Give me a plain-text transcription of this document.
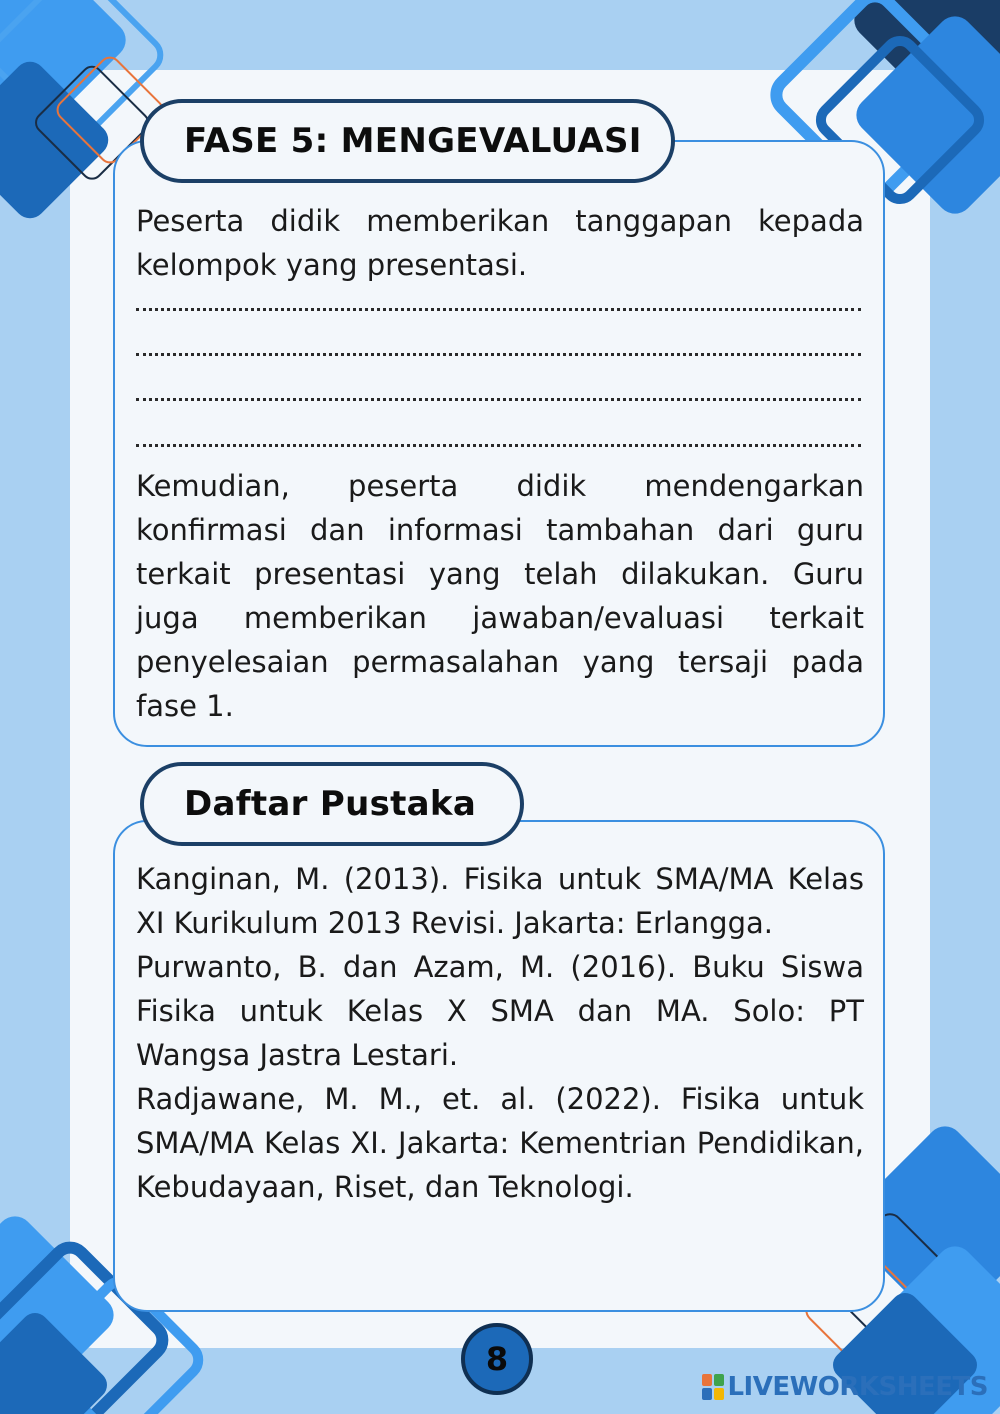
FASE 5: MENGEVALUASI
Peserta didik memberikan tanggapan kepada kelompok yang presentasi.
Kemudian, peserta didik mendengarkan konfirmasi dan informasi tambahan dari guru terkait presentasi yang telah dilakukan. Guru juga memberikan jawaban/evaluasi terkait penyelesaian permasalahan yang tersaji pada fase 1.
Daftar Pustaka
Kanginan, M. (2013). Fisika untuk SMA/MA Kelas XI Kurikulum 2013 Revisi. Jakarta: Erlangga.
Purwanto, B. dan Azam, M. (2016). Buku Siswa Fisika untuk Kelas X SMA dan MA. Solo: PT Wangsa Jastra Lestari.
Radjawane, M. M., et. al. (2022). Fisika untuk SMA/MA Kelas XI. Jakarta: Kementrian Pendidikan, Kebudayaan, Riset, dan Teknologi.
8
LIVEWORKSHEETS
